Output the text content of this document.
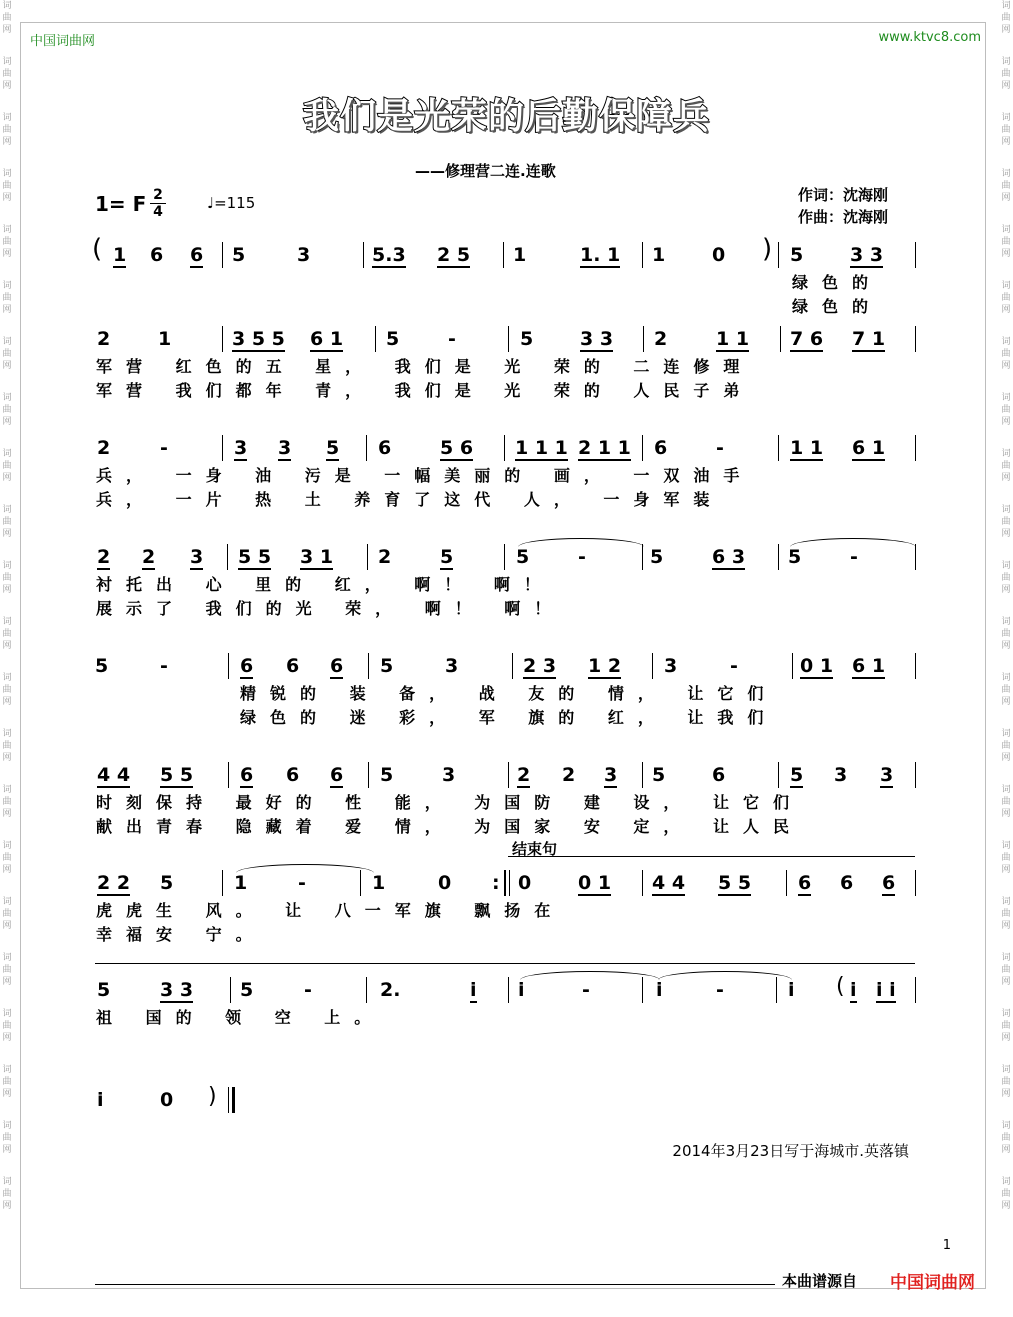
词曲网
词曲网
词曲网
词曲网
词曲网
词曲网
词曲网
词曲网
词曲网
词曲网
词曲网
词曲网
词曲网
词曲网
词曲网
词曲网
词曲网
词曲网
词曲网
词曲网
词曲网
词曲网
词曲网
词曲网
词曲网
词曲网
词曲网
词曲网
词曲网
词曲网
词曲网
词曲网
词曲网
词曲网
词曲网
词曲网
词曲网
词曲网
词曲网
词曲网
词曲网
词曲网
词曲网
词曲网
中国词曲网	www.ktvc8.com
我们是光荣的后勤保障兵
——修理营二连.连歌
1= F 2
4	♩=115	作词：沈海刚
作曲：沈海刚
( 1 6 6 5	3	5.3 2 5 1	1. 1 1 0 ) 5 3 3
绿色的
绿色的
2	1	3 5 5 6 1 5	-	5 3 3 2	1 1 7 6 7 1
军营 红色的五 星， 我们是 光 荣的 二连修理
军营 我们都年 青， 我们是 光 荣的 人民子弟
2	-	3 3 5 6	5 6 1 1 1 2 1 1 6	-	1 1 6 1
兵， 一身 油 污是 一幅美丽的 画， 一双油手
兵， 一片 热 土 养育了这代 人， 一身军装
2 2 3 5 5 3 1 2	5	5	-	5	6 3 5	-
衬托出 心 里的 红， 啊！ 啊！
展示了 我们的光 荣， 啊！ 啊！
5	-	6 6 6 5	3	2 3 1 2 3	-	0 1 6 1
精锐的 装 备， 战 友的 情， 让它们
绿色的 迷 彩， 军 旗的 红， 让我们
4 4 5 5 6 6 6 5	3	2 2 3 5 6	5 3 3
时刻保持 最好的 性 能， 为国防 建 设， 让它们
献出青春 隐藏着 爱 情， 为国家 安 定， 让人民
结束句
2 2 5	1	-	1	0 : 0 0 1 4 4 5 5 6 6 6
虎虎生 风。 让 八一军旗 飘扬在
幸福安 宁。
5	3 3 5	-	2.	i i	-	i	-	i ( i i i
祖 国的 领 空 上。
i	0 )
2014年3月23日写于海城市.英落镇
1
本曲谱源自 中国词曲网
